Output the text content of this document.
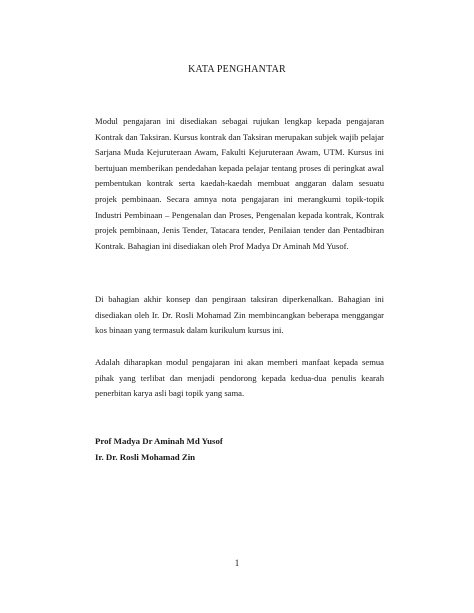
KATA PENGHANTAR

Modul pengajaran ini disediakan sebagai rujukan lengkap kepada pengajaran Kontrak dan Taksiran. Kursus kontrak dan Taksiran merupakan subjek wajib pelajar Sarjana Muda Kejuruteraan Awam, Fakulti Kejuruteraan Awam, UTM. Kursus ini bertujuan memberikan pendedahan kepada pelajar tentang proses di peringkat awal pembentukan kontrak serta kaedah-kaedah membuat anggaran dalam sesuatu projek pembinaan. Secara amnya nota pengajaran ini merangkumi topik-topik Industri Pembinaan – Pengenalan dan Proses, Pengenalan kepada kontrak, Kontrak projek pembinaan, Jenis Tender, Tatacara tender, Penilaian tender dan Pentadbiran Kontrak. Bahagian ini disediakan oleh Prof Madya Dr Aminah Md Yusof.

Di bahagian akhir konsep dan pengiraan taksiran diperkenalkan. Bahagian ini disediakan oleh Ir. Dr. Rosli Mohamad Zin membincangkan beberapa menggangar kos binaan yang termasuk dalam kurikulum kursus ini.

Adalah diharapkan modul pengajaran ini akan memberi manfaat kepada semua pihak yang terlibat dan menjadi pendorong kepada kedua-dua penulis kearah penerbitan karya asli bagi topik yang sama.

Prof Madya Dr Aminah Md Yusof
Ir. Dr. Rosli Mohamad Zin
1
